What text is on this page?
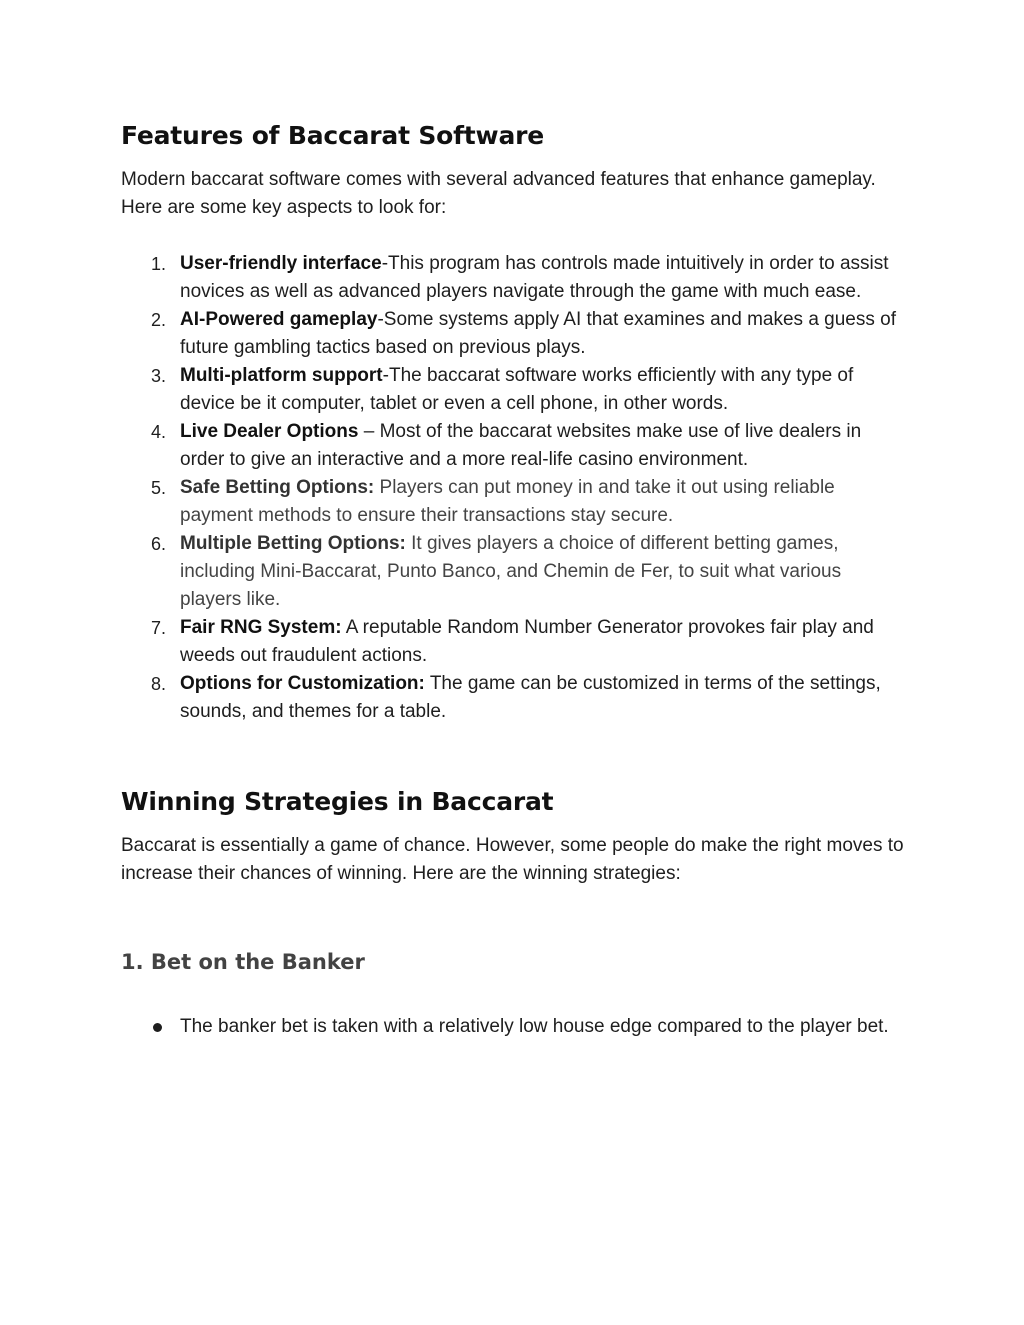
Features of Baccarat Software

Modern baccarat software comes with several advanced features that enhance gameplay. Here are some key aspects to look for:

1. User-friendly interface-This program has controls made intuitively in order to assist novices as well as advanced players navigate through the game with much ease.
2. AI-Powered gameplay-Some systems apply AI that examines and makes a guess of future gambling tactics based on previous plays.
3. Multi-platform support-The baccarat software works efficiently with any type of device be it computer, tablet or even a cell phone, in other words.
4. Live Dealer Options – Most of the baccarat websites make use of live dealers in order to give an interactive and a more real-life casino environment.
5. Safe Betting Options: Players can put money in and take it out using reliable payment methods to ensure their transactions stay secure.
6. Multiple Betting Options: It gives players a choice of different betting games, including Mini-Baccarat, Punto Banco, and Chemin de Fer, to suit what various players like.
7. Fair RNG System: A reputable Random Number Generator provokes fair play and weeds out fraudulent actions.
8. Options for Customization: The game can be customized in terms of the settings, sounds, and themes for a table.
Winning Strategies in Baccarat

Baccarat is essentially a game of chance. However, some people do make the right moves to increase their chances of winning. Here are the winning strategies:

1. Bet on the Banker
The banker bet is taken with a relatively low house edge compared to the player bet.
